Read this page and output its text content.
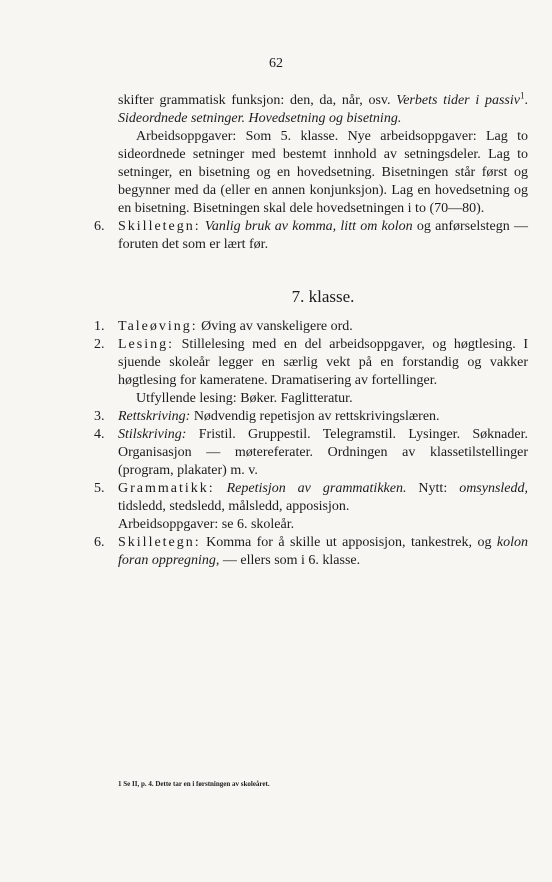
62

skifter grammatisk funksjon: den, da, når, osv. Verbets tider i passiv$^1$. Sideordnede setninger. Hovedsetning og bisetning.

Arbeidsoppgaver: Som 5. klasse. Nye arbeidsoppgaver: Lag to sideordnede setninger med bestemt innhold av setningsdeler. Lag to setninger, en bisetning og en hovedsetning. Bisetningen står først og begynner med da (eller en annen konjunksjon). Lag en hovedsetning og en bisetning. Bisetningen skal dele hovedsetningen i to (70—80).

6. Skilletegn: Vanlig bruk av komma, litt om kolon og anførselstegn — foruten det som er lært før.

7. klasse.

1. Taleøving: Øving av vanskeligere ord.

2. Lesing: Stillelesing med en del arbeidsoppgaver, og høgtlesing. I sjuende skoleår legger en særlig vekt på en forstandig og vakker høgtlesing for kameratene. Dramatisering av fortellinger.

Utfyllende lesing: Bøker. Faglitteratur.

3. Rettskriving: Nødvendig repetisjon av rettskrivingslæren.

4. Stilskriving: Fristil. Gruppestil. Telegramstil. Lysinger. Søknader. Organisasjon — møtereferater. Ordningen av klassetilstellinger (program, plakater) m. v.

5. Grammatikk: Repetisjon av grammatikken. Nytt: omsynsledd, tidsledd, stedsledd, målsledd, apposisjon.

Arbeidsoppgaver: se 6. skoleår.

6. Skilletegn: Komma for å skille ut apposisjon, tankestrek, og kolon foran oppregning, — ellers som i 6. klasse.

1 Se II, p. 4. Dette tar en i førstningen av skoleåret.
